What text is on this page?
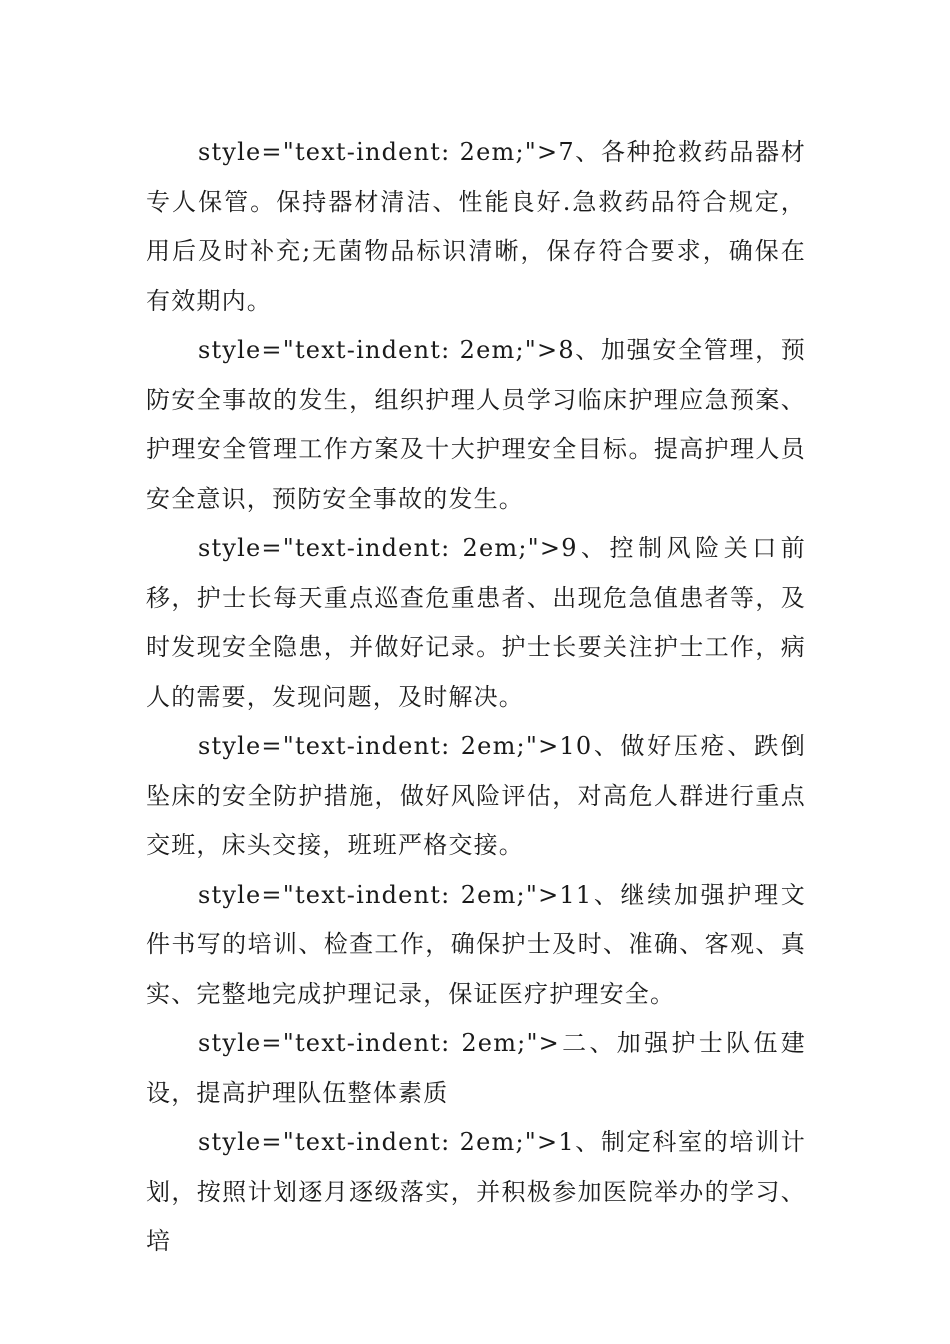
style="text-indent: 2em;">7、各种抢救药品器材专人保管。保持器材清洁、性能良好.急救药品符合规定，用后及时补充;无菌物品标识清晰，保存符合要求，确保在有效期内。

style="text-indent: 2em;">8、加强安全管理，预防安全事故的发生，组织护理人员学习临床护理应急预案、护理安全管理工作方案及十大护理安全目标。提高护理人员安全意识，预防安全事故的发生。

style="text-indent: 2em;">9、控制风险关口前移，护士长每天重点巡查危重患者、出现危急值患者等，及时发现安全隐患，并做好记录。护士长要关注护士工作，病人的需要，发现问题，及时解决。

style="text-indent: 2em;">10、做好压疮、跌倒坠床的安全防护措施，做好风险评估，对高危人群进行重点交班，床头交接，班班严格交接。

style="text-indent: 2em;">11、继续加强护理文件书写的培训、检查工作，确保护士及时、准确、客观、真实、完整地完成护理记录，保证医疗护理安全。

style="text-indent: 2em;">二、加强护士队伍建设，提高护理队伍整体素质

style="text-indent: 2em;">1、制定科室的培训计划，按照计划逐月逐级落实，并积极参加医院举办的学习、培
